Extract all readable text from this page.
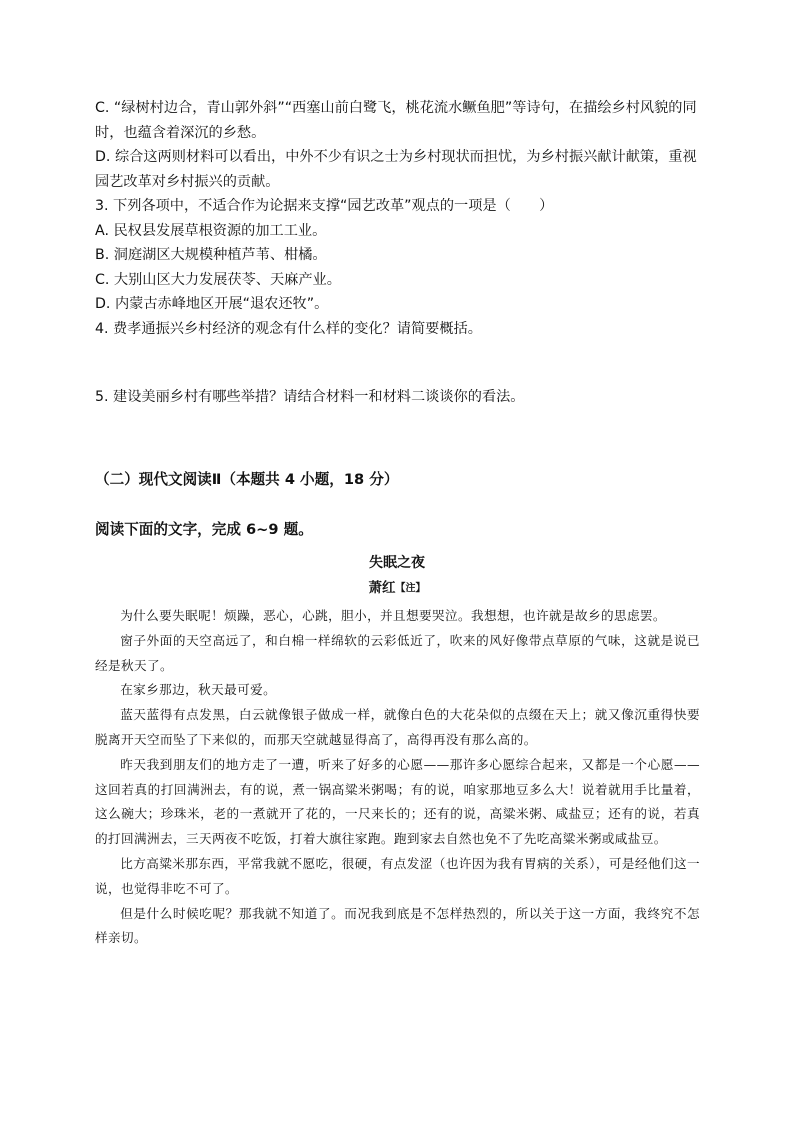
C. “绿树村边合，青山郭外斜”“西塞山前白鹭飞，桃花流水鳜鱼肥”等诗句，在描绘乡村风貌的同时，也蕴含着深沉的乡愁。

D. 综合这两则材料可以看出，中外不少有识之士为乡村现状而担忧，为乡村振兴献计献策，重视园艺改革对乡村振兴的贡献。

3. 下列各项中，不适合作为论据来支撑“园艺改革”观点的一项是（　　）

A. 民权县发展草根资源的加工工业。

B. 洞庭湖区大规模种植芦苇、柑橘。

C. 大别山区大力发展茯苓、天麻产业。

D. 内蒙古赤峰地区开展“退农还牧”。

4. 费孝通振兴乡村经济的观念有什么样的变化？请简要概括。

5. 建设美丽乡村有哪些举措？请结合材料一和材料二谈谈你的看法。

（二）现代文阅读Ⅱ（本题共 4 小题，18 分）

阅读下面的文字，完成 6~9 题。

失眠之夜

萧红【注】

为什么要失眠呢！烦躁，恶心，心跳，胆小，并且想要哭泣。我想想，也许就是故乡的思虑罢。

窗子外面的天空高远了，和白棉一样绵软的云彩低近了，吹来的风好像带点草原的气味，这就是说已经是秋天了。

在家乡那边，秋天最可爱。

蓝天蓝得有点发黑，白云就像银子做成一样，就像白色的大花朵似的点缀在天上；就又像沉重得快要脱离开天空而坠了下来似的，而那天空就越显得高了，高得再没有那么高的。

昨天我到朋友们的地方走了一遭，听来了好多的心愿——那许多心愿综合起来，又都是一个心愿——这回若真的打回满洲去，有的说，煮一锅高粱米粥喝；有的说，咱家那地豆多么大！说着就用手比量着，这么碗大；珍珠米，老的一煮就开了花的，一尺来长的；还有的说，高粱米粥、咸盐豆；还有的说，若真的打回满洲去，三天两夜不吃饭，打着大旗往家跑。跑到家去自然也免不了先吃高粱米粥或咸盐豆。

比方高粱米那东西，平常我就不愿吃，很硬，有点发涩（也许因为我有胃病的关系），可是经他们这一说，也觉得非吃不可了。

但是什么时候吃呢？那我就不知道了。而况我到底是不怎样热烈的，所以关于这一方面，我终究不怎样亲切。
